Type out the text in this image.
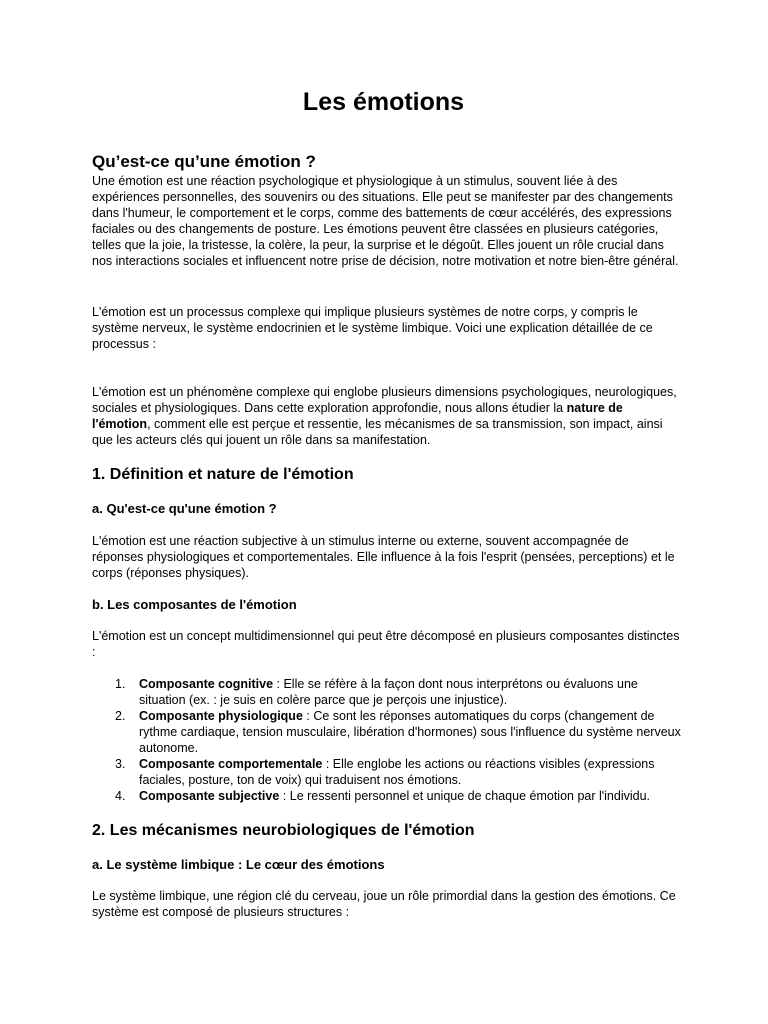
Les émotions
Qu’est-ce qu’une émotion ?

Une émotion est une réaction psychologique et physiologique à un stimulus, souvent liée à des expériences personnelles, des souvenirs ou des situations. Elle peut se manifester par des changements dans l'humeur, le comportement et le corps, comme des battements de cœur accélérés, des expressions faciales ou des changements de posture. Les émotions peuvent être classées en plusieurs catégories, telles que la joie, la tristesse, la colère, la peur, la surprise et le dégoût. Elles jouent un rôle crucial dans nos interactions sociales et influencent notre prise de décision, notre motivation et notre bien-être général.

L'émotion est un processus complexe qui implique plusieurs systèmes de notre corps, y compris le système nerveux, le système endocrinien et le système limbique. Voici une explication détaillée de ce processus :

L'émotion est un phénomène complexe qui englobe plusieurs dimensions psychologiques, neurologiques, sociales et physiologiques. Dans cette exploration approfondie, nous allons étudier la nature de l'émotion, comment elle est perçue et ressentie, les mécanismes de sa transmission, son impact, ainsi que les acteurs clés qui jouent un rôle dans sa manifestation.

1. Définition et nature de l'émotion
a. Qu'est-ce qu'une émotion ?

L'émotion est une réaction subjective à un stimulus interne ou externe, souvent accompagnée de réponses physiologiques et comportementales. Elle influence à la fois l'esprit (pensées, perceptions) et le corps (réponses physiques).

b. Les composantes de l'émotion

L'émotion est un concept multidimensionnel qui peut être décomposé en plusieurs composantes distinctes :

1. Composante cognitive : Elle se réfère à la façon dont nous interprétons ou évaluons une situation (ex. : je suis en colère parce que je perçois une injustice).
2. Composante physiologique : Ce sont les réponses automatiques du corps (changement de rythme cardiaque, tension musculaire, libération d'hormones) sous l'influence du système nerveux autonome.
3. Composante comportementale : Elle englobe les actions ou réactions visibles (expressions faciales, posture, ton de voix) qui traduisent nos émotions.
4. Composante subjective : Le ressenti personnel et unique de chaque émotion par l'individu.
2. Les mécanismes neurobiologiques de l'émotion
a. Le système limbique : Le cœur des émotions

Le système limbique, une région clé du cerveau, joue un rôle primordial dans la gestion des émotions. Ce système est composé de plusieurs structures :
